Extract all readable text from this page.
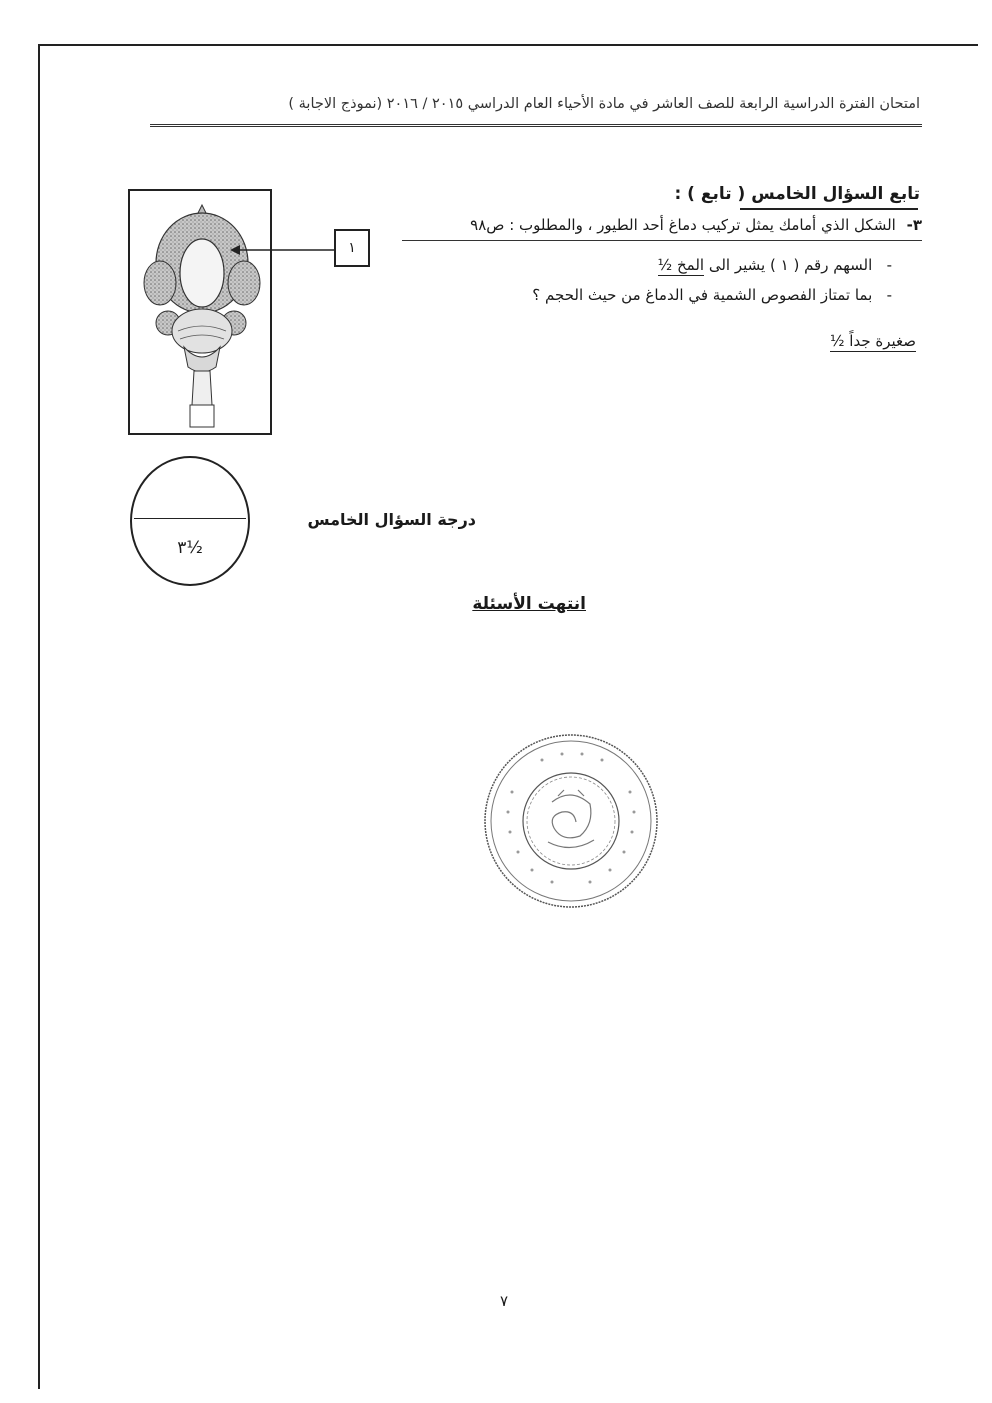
امتحان الفترة الدراسية الرابعة للصف العاشر في مادة الأحياء العام الدراسي ٢٠١٥ / ٢٠١٦ (نموذج الاجابة )
تابع السؤال الخامس ( تابع ) :
٣- الشكل الذي أمامك يمثل تركيب دماغ أحد الطيور ، والمطلوب : ص٩٨
-   السهم رقم ( ١ ) يشير الى المخ ½
-   بما تمتاز الفصوص الشمية في الدماغ من حيث الحجم ؟
صغيرة جداً ½
١
٣½
درجة السؤال الخامس
انتهت الأسئلة
٧
